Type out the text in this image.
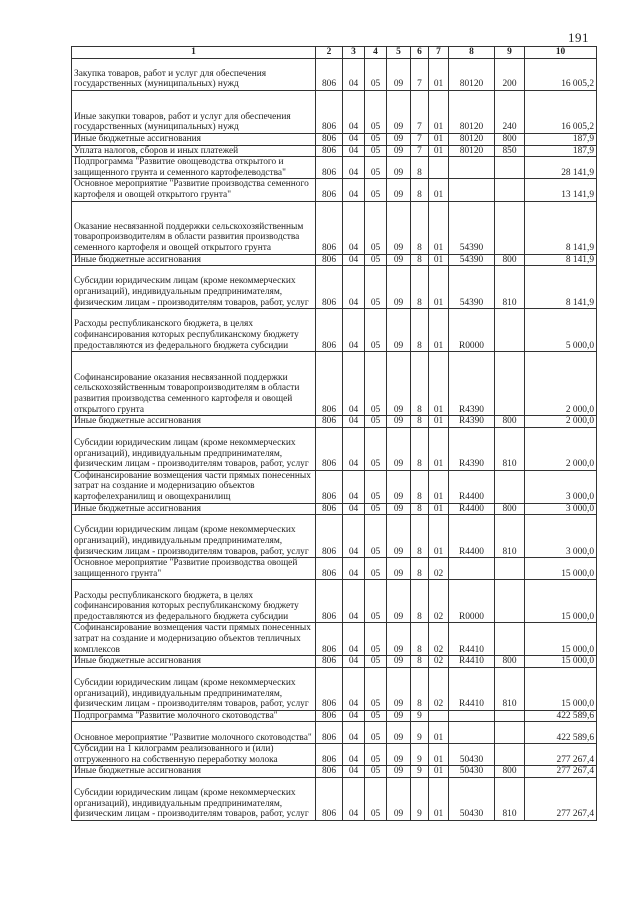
191
1	2	3	4	5	6	7	8	9	10
Закупка товаров, работ и услуг для обеспечения государственных (муниципальных) нужд	806	04	05	09	7	01	80120	200	16 005,2
Иные закупки товаров, работ и услуг для обеспечения государственных (муниципальных) нужд	806	04	05	09	7	01	80120	240	16 005,2
Иные бюджетные ассигнования	806	04	05	09	7	01	80120	800	187,9
Уплата налогов, сборов и иных платежей	806	04	05	09	7	01	80120	850	187,9
Подпрограмма "Развитие овощеводства открытого и защищенного грунта и семенного картофелеводства"	806	04	05	09	8				28 141,9
Основное мероприятие "Развитие производства семенного картофеля и овощей открытого грунта"	806	04	05	09	8	01			13 141,9
Оказание несвязанной поддержки сельскохозяйственным товаропроизводителям в области развития производства семенного картофеля и овощей открытого грунта	806	04	05	09	8	01	54390		8 141,9
Иные бюджетные ассигнования	806	04	05	09	8	01	54390	800	8 141,9
Субсидии юридическим лицам (кроме некоммерческих организаций), индивидуальным предпринимателям, физическим лицам - производителям товаров, работ, услуг	806	04	05	09	8	01	54390	810	8 141,9
Расходы республиканского бюджета, в целях софинансирования которых республиканскому бюджету предоставляются из федерального бюджета субсидии	806	04	05	09	8	01	R0000		5 000,0
Софинансирование оказания несвязанной поддержки сельскохозяйственным товаропроизводителям в области развития производства семенного картофеля и овощей открытого грунта	806	04	05	09	8	01	R4390		2 000,0
Иные бюджетные ассигнования	806	04	05	09	8	01	R4390	800	2 000,0
Субсидии юридическим лицам (кроме некоммерческих организаций), индивидуальным предпринимателям, физическим лицам - производителям товаров, работ, услуг	806	04	05	09	8	01	R4390	810	2 000,0
Софинансирование возмещения части прямых понесенных затрат на создание и модернизацию объектов картофелехранилищ и овощехранилищ	806	04	05	09	8	01	R4400		3 000,0
Иные бюджетные ассигнования	806	04	05	09	8	01	R4400	800	3 000,0
Субсидии юридическим лицам (кроме некоммерческих организаций), индивидуальным предпринимателям, физическим лицам - производителям товаров, работ, услуг	806	04	05	09	8	01	R4400	810	3 000,0
Основное мероприятие "Развитие производства овощей защищенного грунта"	806	04	05	09	8	02			15 000,0
Расходы республиканского бюджета, в целях софинансирования которых республиканскому бюджету предоставляются из федерального бюджета субсидии	806	04	05	09	8	02	R0000		15 000,0
Софинансирование возмещения части прямых понесенных затрат на создание и модернизацию объектов тепличных комплексов	806	04	05	09	8	02	R4410		15 000,0
Иные бюджетные ассигнования	806	04	05	09	8	02	R4410	800	15 000,0
Субсидии юридическим лицам (кроме некоммерческих организаций), индивидуальным предпринимателям, физическим лицам - производителям товаров, работ, услуг	806	04	05	09	8	02	R4410	810	15 000,0
Подпрограмма "Развитие молочного скотоводства"	806	04	05	09	9				422 589,6
Основное мероприятие "Развитие молочного скотоводства"	806	04	05	09	9	01			422 589,6
Субсидии на 1 килограмм реализованного и (или) отгруженного на собственную переработку молока	806	04	05	09	9	01	50430		277 267,4
Иные бюджетные ассигнования	806	04	05	09	9	01	50430	800	277 267,4
Субсидии юридическим лицам (кроме некоммерческих организаций), индивидуальным предпринимателям, физическим лицам - производителям товаров, работ, услуг	806	04	05	09	9	01	50430	810	277 267,4
